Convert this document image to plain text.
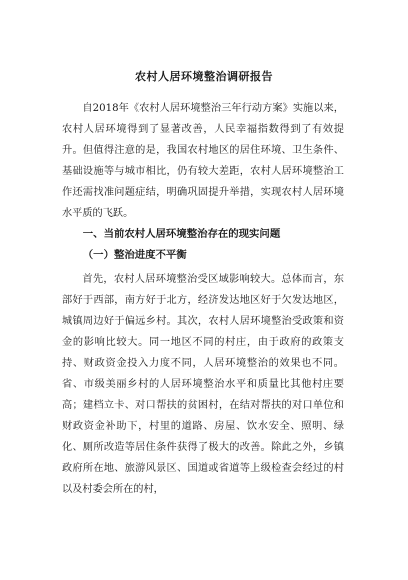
农村人居环境整治调研报告

自2018年《农村人居环境整治三年行动方案》实施以来，农村人居环境得到了显著改善，人民幸福指数得到了有效提升。但值得注意的是，我国农村地区的居住环境、卫生条件、基础设施等与城市相比，仍有较大差距，农村人居环境整治工作还需找准问题症结，明确巩固提升举措，实现农村人居环境水平质的飞跃。

一、当前农村人居环境整治存在的现实问题
（一）整治进度不平衡

首先，农村人居环境整治受区域影响较大。总体而言，东部好于西部，南方好于北方，经济发达地区好于欠发达地区，城镇周边好于偏远乡村。其次，农村人居环境整治受政策和资金的影响比较大。同一地区不同的村庄，由于政府的政策支持、财政资金投入力度不同，人居环境整治的效果也不同。省、市级美丽乡村的人居环境整治水平和质量比其他村庄要高；建档立卡、对口帮扶的贫困村，在结对帮扶的对口单位和财政资金补助下，村里的道路、房屋、饮水安全、照明、绿化、厕所改造等居住条件获得了极大的改善。除此之外，乡镇政府所在地、旅游风景区、国道或省道等上级检查会经过的村以及村委会所在的村，
